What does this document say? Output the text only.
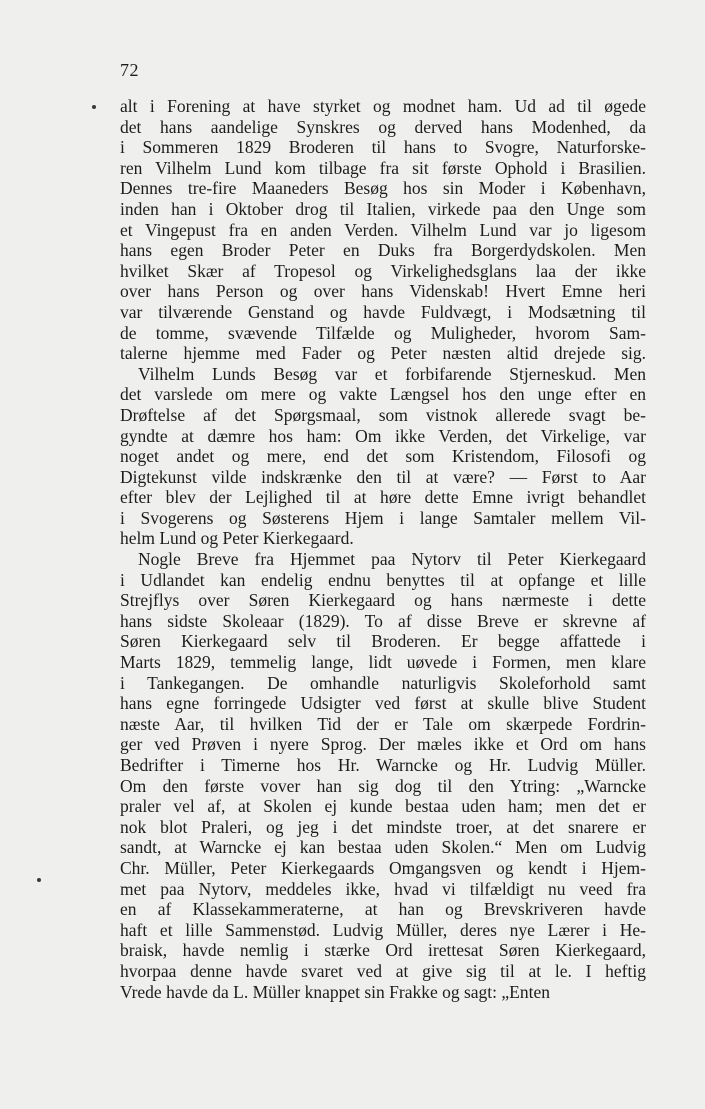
72
alt i Forening at have styrket og modnet ham. Ud ad til øgede
det hans aandelige Synskres og derved hans Modenhed, da
i Sommeren 1829 Broderen til hans to Svogre, Naturforske-
ren Vilhelm Lund kom tilbage fra sit første Ophold i Brasilien.
Dennes tre-fire Maaneders Besøg hos sin Moder i København,
inden han i Oktober drog til Italien, virkede paa den Unge som
et Vingepust fra en anden Verden. Vilhelm Lund var jo ligesom
hans egen Broder Peter en Duks fra Borgerdydskolen. Men
hvilket Skær af Tropesol og Virkelighedsglans laa der ikke
over hans Person og over hans Videnskab! Hvert Emne heri
var tilværende Genstand og havde Fuldvægt, i Modsætning til
de tomme, svævende Tilfælde og Muligheder, hvorom Sam-
talerne hjemme med Fader og Peter næsten altid drejede sig.
Vilhelm Lunds Besøg var et forbifarende Stjerneskud. Men
det varslede om mere og vakte Længsel hos den unge efter en
Drøftelse af det Spørgsmaal, som vistnok allerede svagt be-
gyndte at dæmre hos ham: Om ikke Verden, det Virkelige, var
noget andet og mere, end det som Kristendom, Filosofi og
Digtekunst vilde indskrænke den til at være? — Først to Aar
efter blev der Lejlighed til at høre dette Emne ivrigt behandlet
i Svogerens og Søsterens Hjem i lange Samtaler mellem Vil-
helm Lund og Peter Kierkegaard.
Nogle Breve fra Hjemmet paa Nytorv til Peter Kierkegaard
i Udlandet kan endelig endnu benyttes til at opfange et lille
Strejflys over Søren Kierkegaard og hans nærmeste i dette
hans sidste Skoleaar (1829). To af disse Breve er skrevne af
Søren Kierkegaard selv til Broderen. Er begge affattede i
Marts 1829, temmelig lange, lidt uøvede i Formen, men klare
i Tankegangen. De omhandle naturligvis Skoleforhold samt
hans egne forringede Udsigter ved først at skulle blive Student
næste Aar, til hvilken Tid der er Tale om skærpede Fordrin-
ger ved Prøven i nyere Sprog. Der mæles ikke et Ord om hans
Bedrifter i Timerne hos Hr. Warncke og Hr. Ludvig Müller.
Om den første vover han sig dog til den Ytring: „Warncke
praler vel af, at Skolen ej kunde bestaa uden ham; men det er
nok blot Praleri, og jeg i det mindste troer, at det snarere er
sandt, at Warncke ej kan bestaa uden Skolen.“ Men om Ludvig
Chr. Müller, Peter Kierkegaards Omgangsven og kendt i Hjem-
met paa Nytorv, meddeles ikke, hvad vi tilfældigt nu veed fra
en af Klassekammeraterne, at han og Brevskriveren havde
haft et lille Sammenstød. Ludvig Müller, deres nye Lærer i He-
braisk, havde nemlig i stærke Ord irettesat Søren Kierkegaard,
hvorpaa denne havde svaret ved at give sig til at le. I heftig
Vrede havde da L. Müller knappet sin Frakke og sagt: „Enten
